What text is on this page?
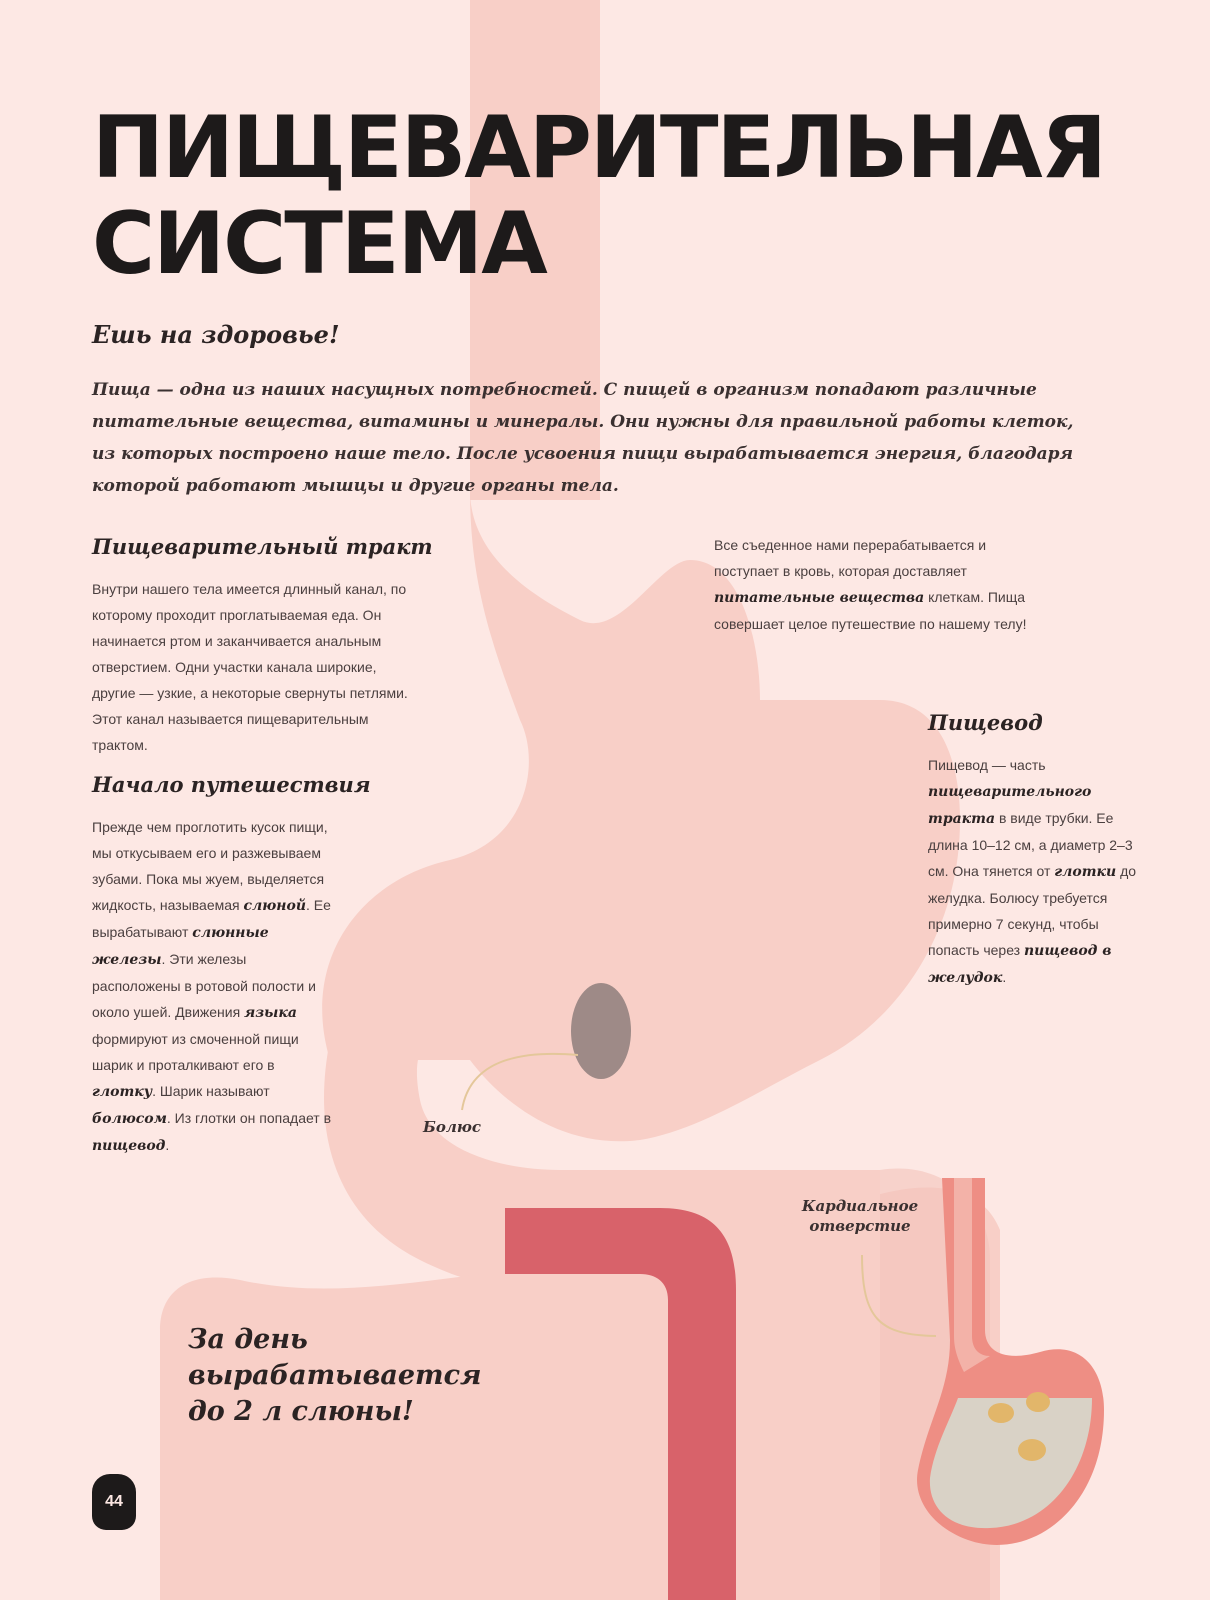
ПИЩЕВАРИТЕЛЬНАЯ
СИСТЕМА
Ешь на здоровье!
Пища — одна из наших насущных потребностей. С пищей в организм попадают различные питательные вещества, витамины и минералы. Они нужны для правильной работы клеток, из которых построено наше тело. После усвоения пищи вырабатывается энергия, благодаря которой работают мышцы и другие органы тела.
Пищеварительный тракт
Внутри нашего тела имеется длинный канал, по которому проходит проглатываемая еда. Он начинается ртом и заканчивается анальным отверстием. Одни участки канала широкие, другие — узкие, а некоторые свернуты петлями. Этот канал называется пищеварительным трактом.
Все съеденное нами перерабатывается и поступает в кровь, которая доставляет питательные вещества клеткам. Пища совершает целое путешествие по нашему телу!
Начало путешествия
Прежде чем проглотить кусок пищи, мы откусываем его и разжевываем зубами. Пока мы жуем, выделяется жидкость, называемая слюной. Ее вырабатывают слюнные железы. Эти железы расположены в ротовой полости и около ушей. Движения языка формируют из смоченной пищи шарик и проталкивают его в глотку. Шарик называют болюсом. Из глотки он попадает в пищевод.
Пищевод
Пищевод — часть пищеварительного тракта в виде трубки. Ее длина 10–12 см, а диаметр 2–3 см. Она тянется от глотки до желудка. Болюсу требуется примерно 7 секунд, чтобы попасть через пищевод в желудок.
Болюс
Кардиальное
отверстие
За день
вырабатывается
до 2 л слюны!
44
